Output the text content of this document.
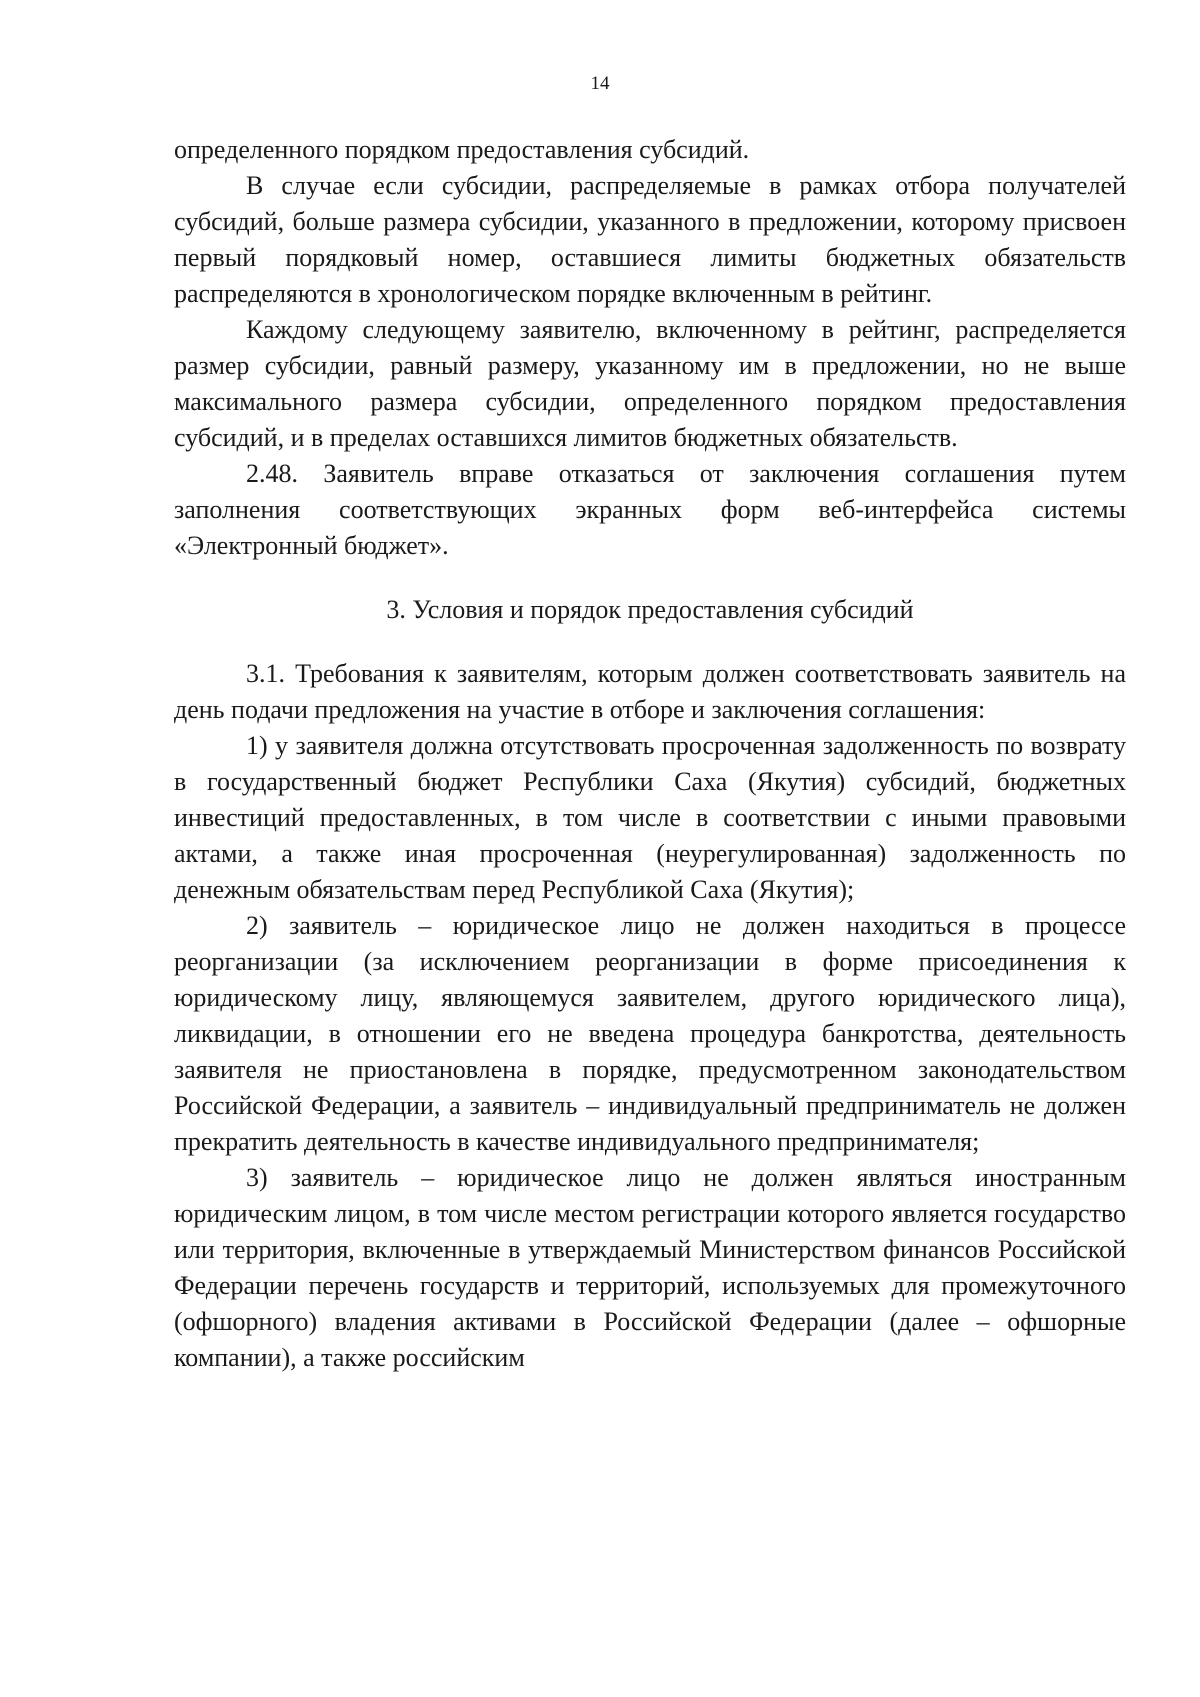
14

определенного порядком предоставления субсидий.

В случае если субсидии, распределяемые в рамках отбора получателей субсидий, больше размера субсидии, указанного в предложении, которому присвоен первый порядковый номер, оставшиеся лимиты бюджетных обязательств распределяются в хронологическом порядке включенным в рейтинг.

Каждому следующему заявителю, включенному в рейтинг, распределяется размер субсидии, равный размеру, указанному им в предложении, но не выше максимального размера субсидии, определенного порядком предоставления субсидий, и в пределах оставшихся лимитов бюджетных обязательств.

2.48. Заявитель вправе отказаться от заключения соглашения путем заполнения соответствующих экранных форм веб-интерфейса системы «Электронный бюджет».

3. Условия и порядок предоставления субсидий

3.1. Требования к заявителям, которым должен соответствовать заявитель на день подачи предложения на участие в отборе и заключения соглашения:

1) у заявителя должна отсутствовать просроченная задолженность по возврату в государственный бюджет Республики Саха (Якутия) субсидий, бюджетных инвестиций предоставленных, в том числе в соответствии с иными правовыми актами, а также иная просроченная (неурегулированная) задолженность по денежным обязательствам перед Республикой Саха (Якутия);

2) заявитель – юридическое лицо не должен находиться в процессе реорганизации (за исключением реорганизации в форме присоединения к юридическому лицу, являющемуся заявителем, другого юридического лица), ликвидации, в отношении его не введена процедура банкротства, деятельность заявителя не приостановлена в порядке, предусмотренном законодательством Российской Федерации, а заявитель – индивидуальный предприниматель не должен прекратить деятельность в качестве индивидуального предпринимателя;

3) заявитель – юридическое лицо не должен являться иностранным юридическим лицом, в том числе местом регистрации которого является государство или территория, включенные в утверждаемый Министерством финансов Российской Федерации перечень государств и территорий, используемых для промежуточного (офшорного) владения активами в Российской Федерации (далее – офшорные компании), а также российским
